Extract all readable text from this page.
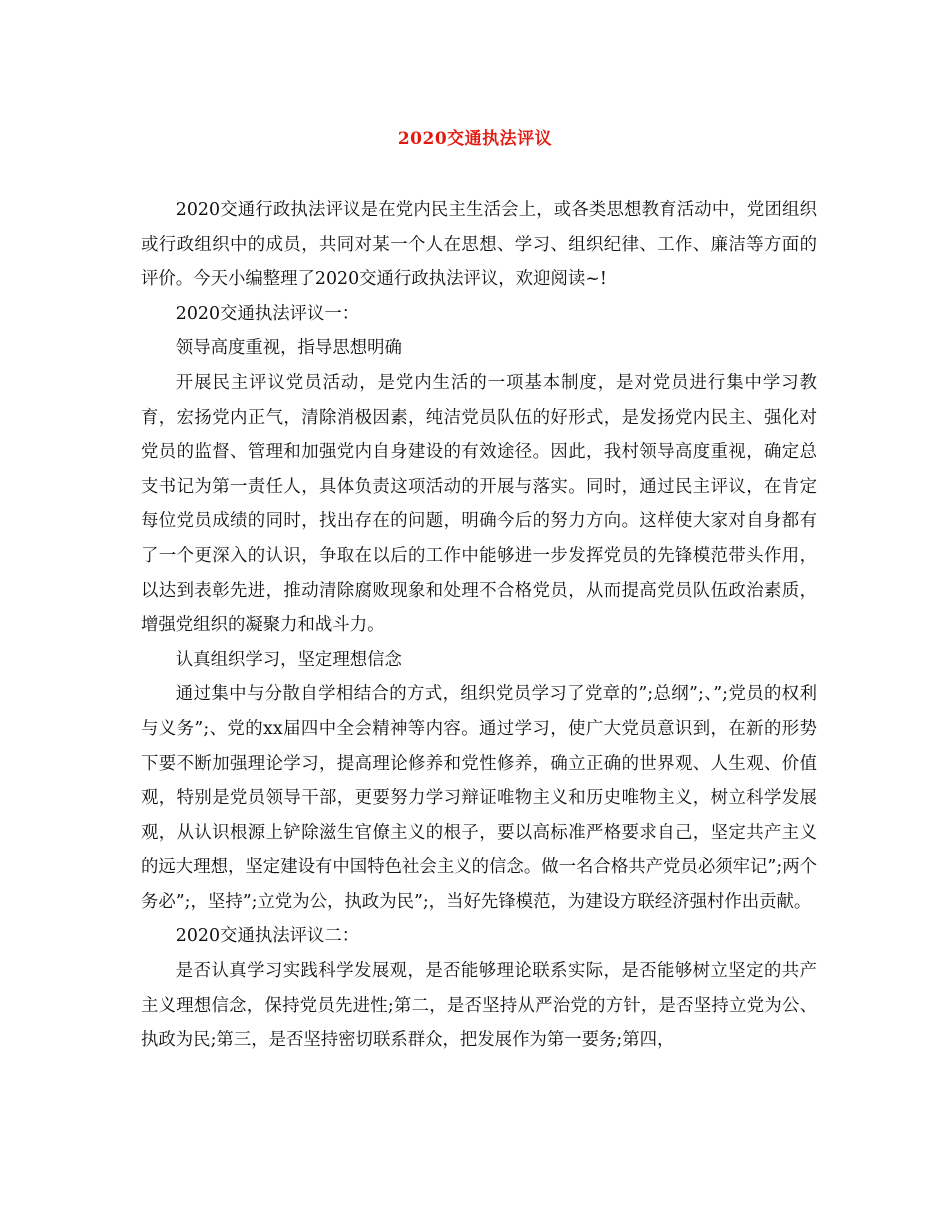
2020交通执法评议

2020交通行政执法评议是在党内民主生活会上，或各类思想教育活动中，党团组织或行政组织中的成员，共同对某一个人在思想、学习、组织纪律、工作、廉洁等方面的评价。今天小编整理了2020交通行政执法评议，欢迎阅读~!

2020交通执法评议一：

领导高度重视，指导思想明确

开展民主评议党员活动，是党内生活的一项基本制度，是对党员进行集中学习教育，宏扬党内正气，清除消极因素，纯洁党员队伍的好形式，是发扬党内民主、强化对党员的监督、管理和加强党内自身建设的有效途径。因此，我村领导高度重视，确定总支书记为第一责任人，具体负责这项活动的开展与落实。同时，通过民主评议，在肯定每位党员成绩的同时，找出存在的问题，明确今后的努力方向。这样使大家对自身都有了一个更深入的认识，争取在以后的工作中能够进一步发挥党员的先锋模范带头作用，以达到表彰先进，推动清除腐败现象和处理不合格党员，从而提高党员队伍政治素质，增强党组织的凝聚力和战斗力。

认真组织学习，坚定理想信念

通过集中与分散自学相结合的方式，组织党员学习了党章的”;总纲”;、”;党员的权利与义务”;、党的xx届四中全会精神等内容。通过学习，使广大党员意识到，在新的形势下要不断加强理论学习，提高理论修养和党性修养，确立正确的世界观、人生观、价值观，特别是党员领导干部，更要努力学习辩证唯物主义和历史唯物主义，树立科学发展观，从认识根源上铲除滋生官僚主义的根子，要以高标准严格要求自己，坚定共产主义的远大理想，坚定建设有中国特色社会主义的信念。做一名合格共产党员必须牢记”;两个务必”;，坚持”;立党为公，执政为民”;，当好先锋模范，为建设方联经济强村作出贡献。

2020交通执法评议二：

是否认真学习实践科学发展观，是否能够理论联系实际，是否能够树立坚定的共产主义理想信念，保持党员先进性;第二，是否坚持从严治党的方针，是否坚持立党为公、执政为民;第三，是否坚持密切联系群众，把发展作为第一要务;第四，
